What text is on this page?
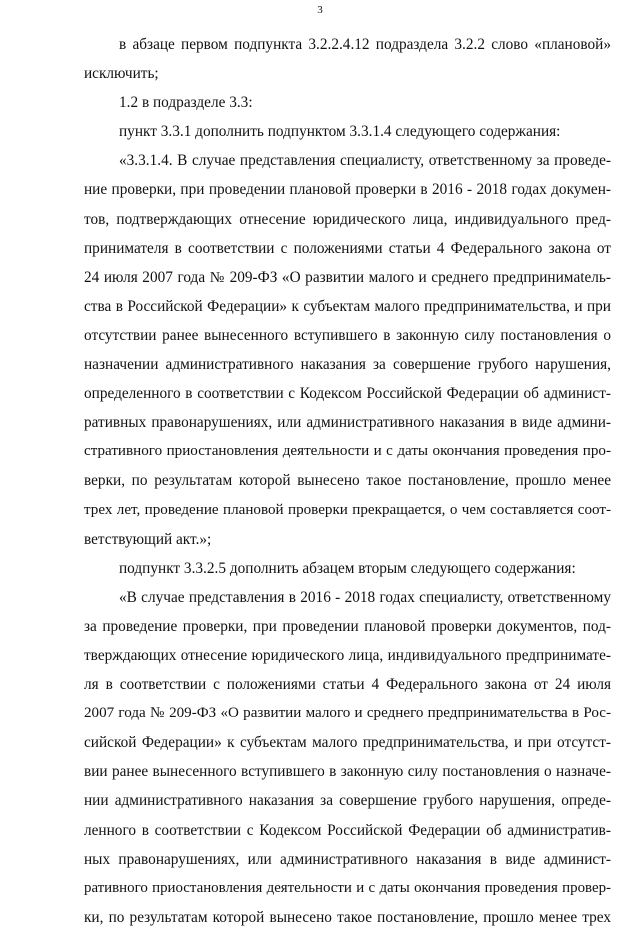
3
в абзаце первом подпункта 3.2.2.4.12 подраздела 3.2.2 слово «плановой»
исключить;
1.2 в подразделе 3.3:
пункт 3.3.1 дополнить подпунктом 3.3.1.4 следующего содержания:
«3.3.1.4. В случае представления специалисту, ответственному за проведе-
ние проверки, при проведении плановой проверки в 2016 - 2018 годах докумен-
тов, подтверждающих отнесение юридического лица, индивидуального пред-
принимателя в соответствии с положениями статьи 4 Федерального закона от
24 июля 2007 года № 209-ФЗ «О развитии малого и среднего предпринимatель-
ства в Российской Федерации» к субъектам малого предпринимательства, и при
отсутствии ранее вынесенного вступившего в законную силу постановления о
назначении административного наказания за совершение грубого нарушения,
определенного в соответствии с Кодексом Российской Федерации об админист-
ративных правонарушениях, или административного наказания в виде админи-
стративного приостановления деятельности и с даты окончания проведения про-
верки, по результатам которой вынесено такое постановление, прошло менее
трех лет, проведение плановой проверки прекращается, о чем составляется соот-
ветствующий акт.»;
подпункт 3.3.2.5 дополнить абзацем вторым следующего содержания:
«В случае представления в 2016 - 2018 годах специалисту, ответственному
за проведение проверки, при проведении плановой проверки документов, под-
тверждающих отнесение юридического лица, индивидуального предпринимате-
ля в соответствии с положениями статьи 4 Федерального закона от 24 июля
2007 года № 209-ФЗ «О развитии малого и среднего предпринимательства в Рос-
сийской Федерации» к субъектам малого предпринимательства, и при отсутст-
вии ранее вынесенного вступившего в законную силу постановления о назначе-
нии административного наказания за совершение грубого нарушения, опреде-
ленного в соответствии с Кодексом Российской Федерации об административ-
ных правонарушениях, или административного наказания в виде админист-
ративного приостановления деятельности и с даты окончания проведения провер-
ки, по результатам которой вынесено такое постановление, прошло менее трех
